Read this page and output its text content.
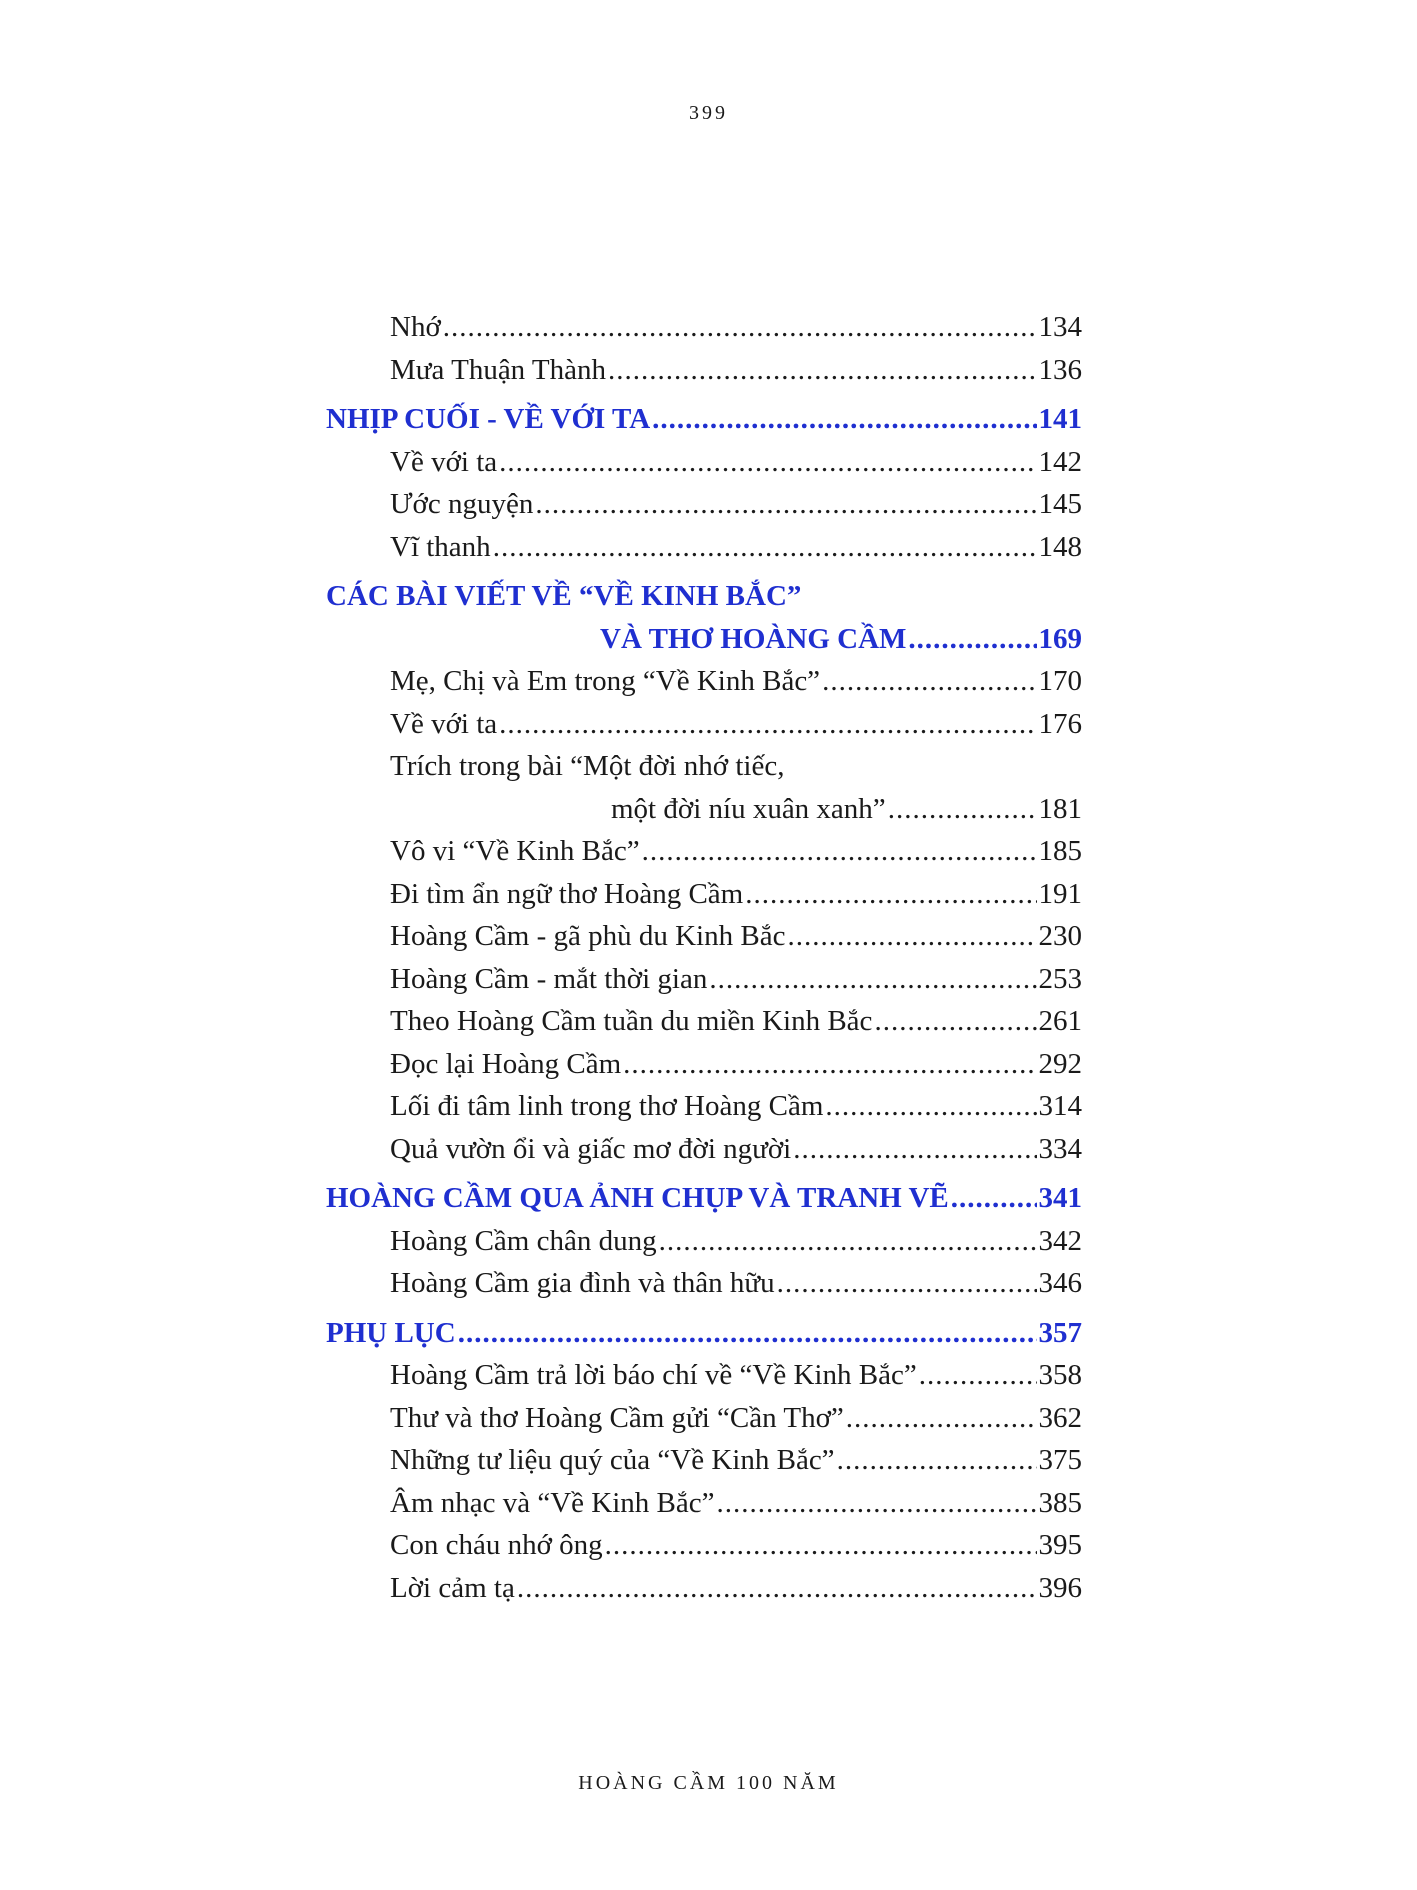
399
Nhớ .....	134
Mưa Thuận Thành .....	136
NHỊP CUỐI - VỀ VỚI TA .....	141
Về với ta .....	142
Ước nguyện .....	145
Vĩ thanh .....	148
CÁC BÀI VIẾT VỀ “VỀ KINH BẮC”
VÀ THƠ HOÀNG CẦM .....	169
Mẹ, Chị và Em trong “Về Kinh Bắc” .....	170
Về với ta .....	176
Trích trong bài “Một đời nhớ tiếc,
một đời níu xuân xanh” .....	181
Vô vi “Về Kinh Bắc” .....	185
Đi tìm ẩn ngữ thơ Hoàng Cầm .....	191
Hoàng Cầm - gã phù du Kinh Bắc .....	230
Hoàng Cầm - mắt thời gian .....	253
Theo Hoàng Cầm tuần du miền Kinh Bắc .....	261
Đọc lại Hoàng Cầm .....	292
Lối đi tâm linh trong thơ Hoàng Cầm .....	314
Quả vườn ổi và giấc mơ đời người .....	334
HOÀNG CẦM QUA ẢNH CHỤP VÀ TRANH VẼ .....	341
Hoàng Cầm chân dung .....	342
Hoàng Cầm gia đình và thân hữu .....	346
PHỤ LỤC .....	357
Hoàng Cầm trả lời báo chí về “Về Kinh Bắc” .....	358
Thư và thơ Hoàng Cầm gửi “Cần Thơ” .....	362
Những tư liệu quý của “Về Kinh Bắc” .....	375
Âm nhạc và “Về Kinh Bắc” .....	385
Con cháu nhớ ông .....	395
Lời cảm tạ .....	396
HOÀNG CẦM 100 NĂM
